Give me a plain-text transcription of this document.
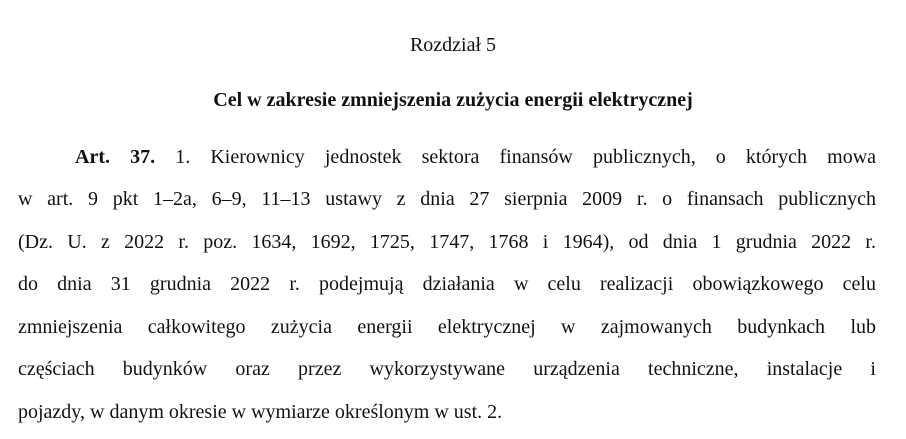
Rozdział 5
Cel w zakresie zmniejszenia zużycia energii elektrycznej
Art. 37. 1. Kierownicy jednostek sektora finansów publicznych, o których mowa
w art. 9 pkt 1–2a, 6–9, 11–13 ustawy z dnia 27 sierpnia 2009 r. o finansach publicznych
(Dz. U. z 2022 r. poz. 1634, 1692, 1725, 1747, 1768 i 1964), od dnia 1 grudnia 2022 r.
do dnia 31 grudnia 2022 r. podejmują działania w celu realizacji obowiązkowego celu
zmniejszenia całkowitego zużycia energii elektrycznej w zajmowanych budynkach lub
częściach budynków oraz przez wykorzystywane urządzenia techniczne, instalacje i
pojazdy, w danym okresie w wymiarze określonym w ust. 2.
